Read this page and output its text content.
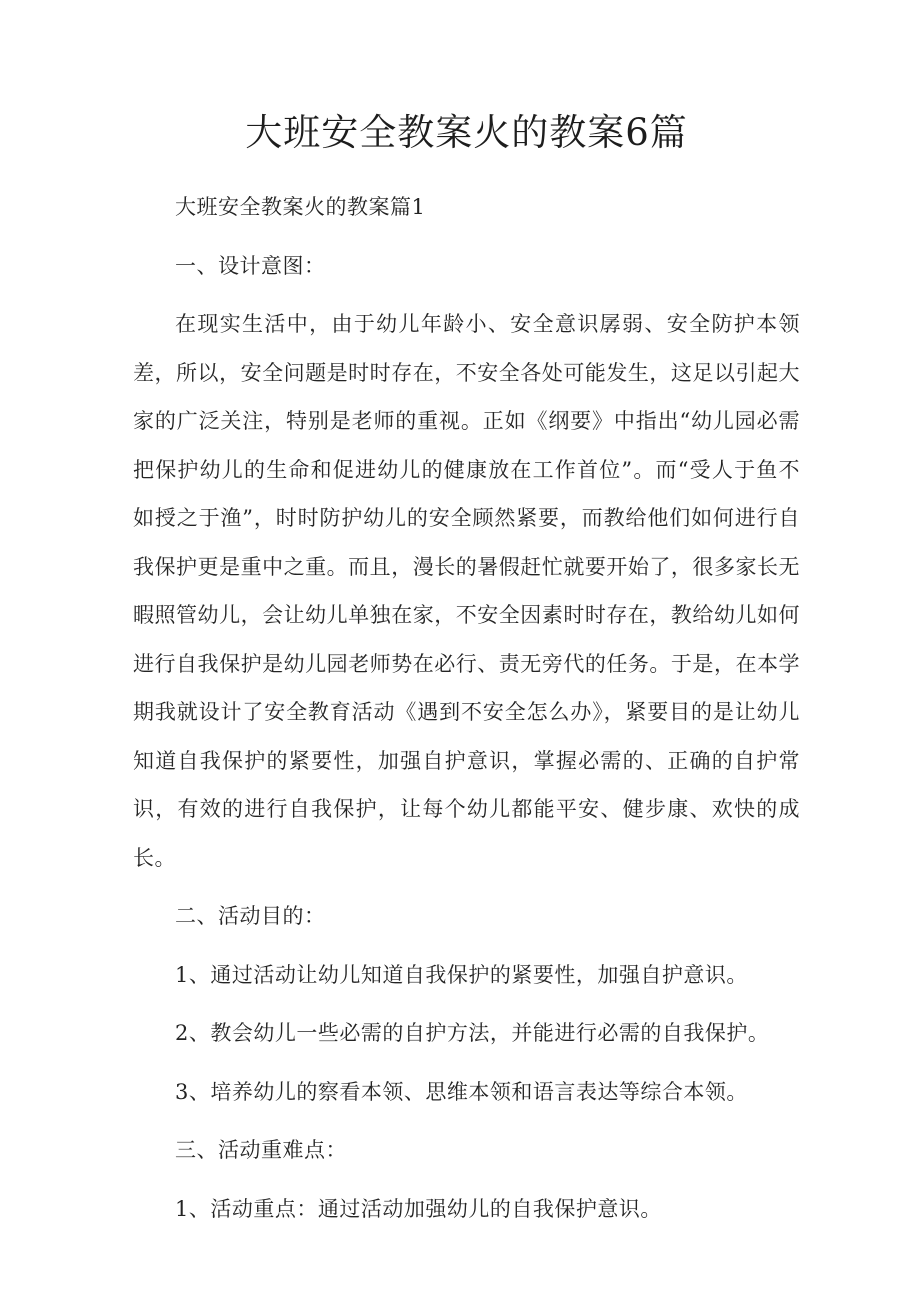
大班安全教案火的教案6篇

大班安全教案火的教案篇1

一、设计意图：

在现实生活中，由于幼儿年龄小、安全意识孱弱、安全防护本领差，所以，安全问题是时时存在，不安全各处可能发生，这足以引起大家的广泛关注，特别是老师的重视。正如《纲要》中指出“幼儿园必需把保护幼儿的生命和促进幼儿的健康放在工作首位”。而“受人于鱼不如授之于渔”，时时防护幼儿的安全顾然紧要，而教给他们如何进行自我保护更是重中之重。而且，漫长的暑假赶忙就要开始了，很多家长无暇照管幼儿，会让幼儿单独在家，不安全因素时时存在，教给幼儿如何进行自我保护是幼儿园老师势在必行、责无旁代的任务。于是，在本学期我就设计了安全教育活动《遇到不安全怎么办》，紧要目的是让幼儿知道自我保护的紧要性，加强自护意识，掌握必需的、正确的自护常识，有效的进行自我保护，让每个幼儿都能平安、健步康、欢快的成长。

二、活动目的：

1、通过活动让幼儿知道自我保护的紧要性，加强自护意识。

2、教会幼儿一些必需的自护方法，并能进行必需的自我保护。

3、培养幼儿的察看本领、思维本领和语言表达等综合本领。

三、活动重难点：

1、活动重点：通过活动加强幼儿的自我保护意识。
